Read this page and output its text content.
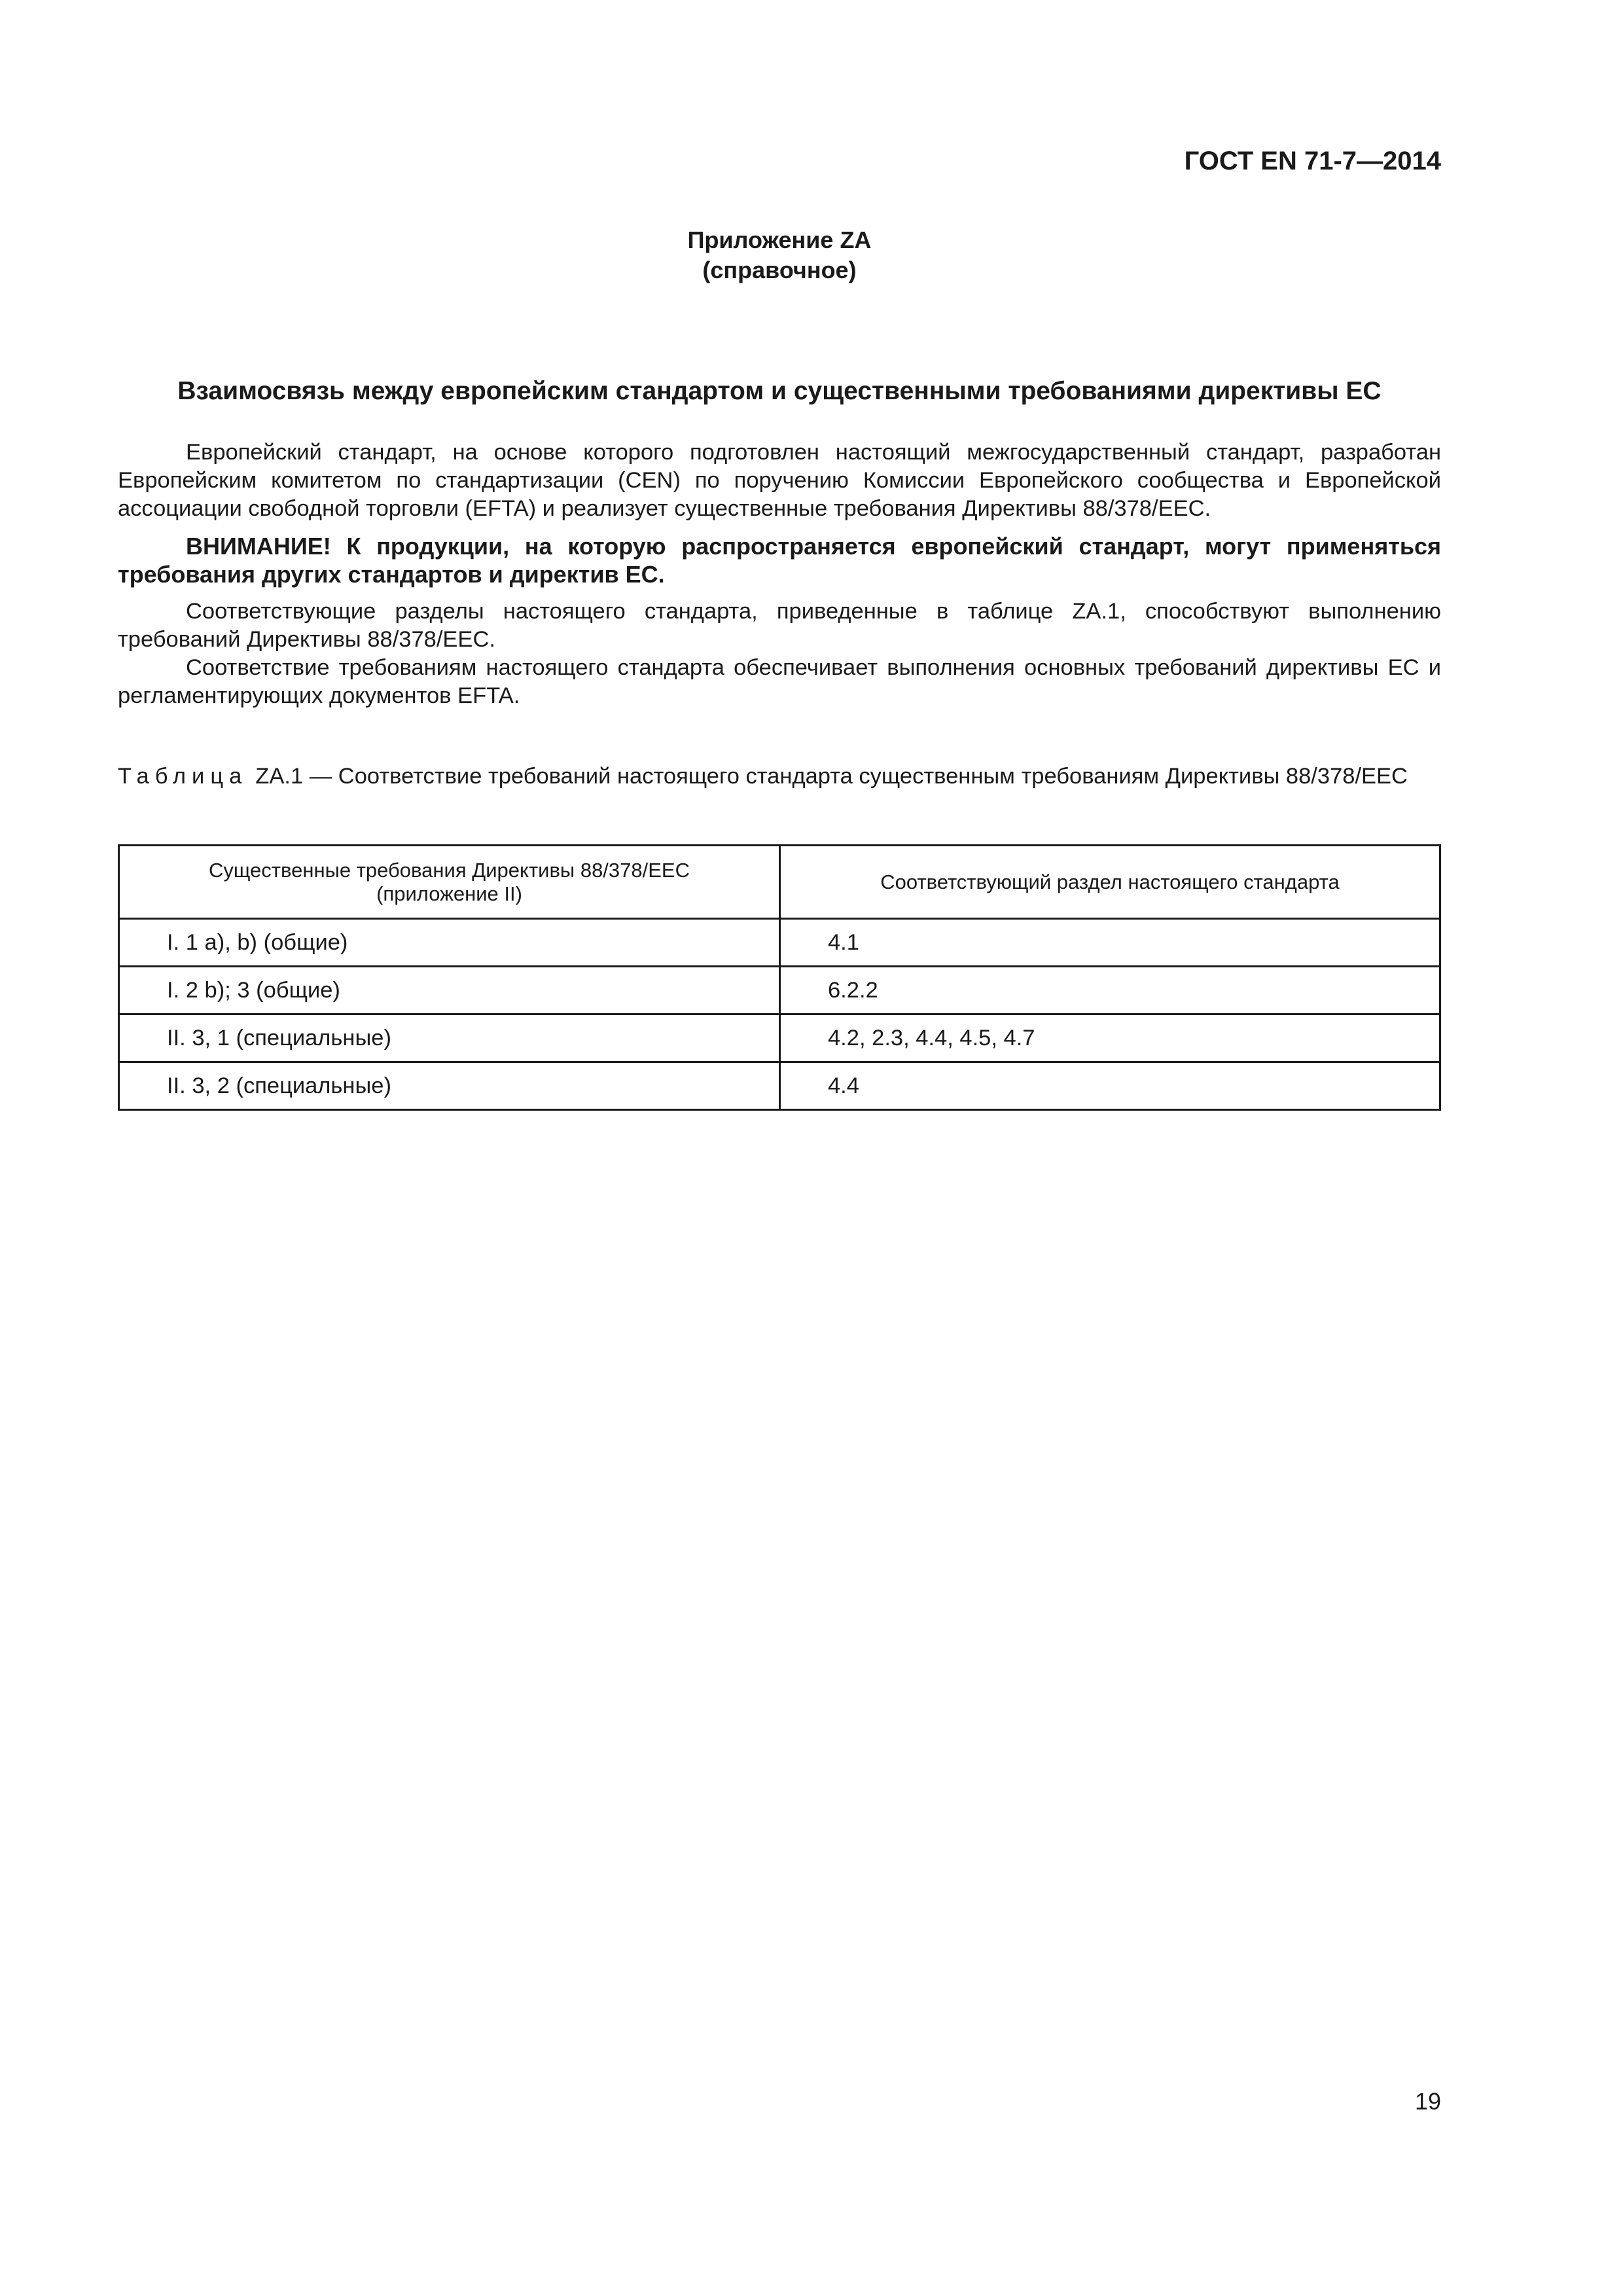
ГОСТ EN 71-7—2014
Приложение ZA
(справочное)
Взаимосвязь между европейским стандартом и существенными требованиями директивы ЕС

Европейский стандарт, на основе которого подготовлен настоящий межгосударственный стандарт, разработан Европейским комитетом по стандартизации (CEN) по поручению Комиссии Европейского сообщества и Европейской ассоциации свободной торговли (EFTA) и реализует существенные требования Директивы 88/378/EEC.

ВНИМАНИЕ! К продукции, на которую распространяется европейский стандарт, могут применяться требования других стандартов и директив ЕС.

Соответствующие разделы настоящего стандарта, приведенные в таблице ZA.1, способствуют выполнению требований Директивы 88/378/EEC.

Соответствие требованиям настоящего стандарта обеспечивает выполнения основных требований директивы ЕС и регламентирующих документов EFTA.

Таблица ZA.1 — Соответствие требований настоящего стандарта существенным требованиям Директивы 88/378/EEC
Существенные требования Директивы 88/378/EEC
(приложение II)	Соответствующий раздел настоящего стандарта
I. 1 а), b) (общие)	4.1
I. 2 b); 3 (общие)	6.2.2
II. 3, 1 (специальные)	4.2, 2.3, 4.4, 4.5, 4.7
II. 3, 2 (специальные)	4.4
19
